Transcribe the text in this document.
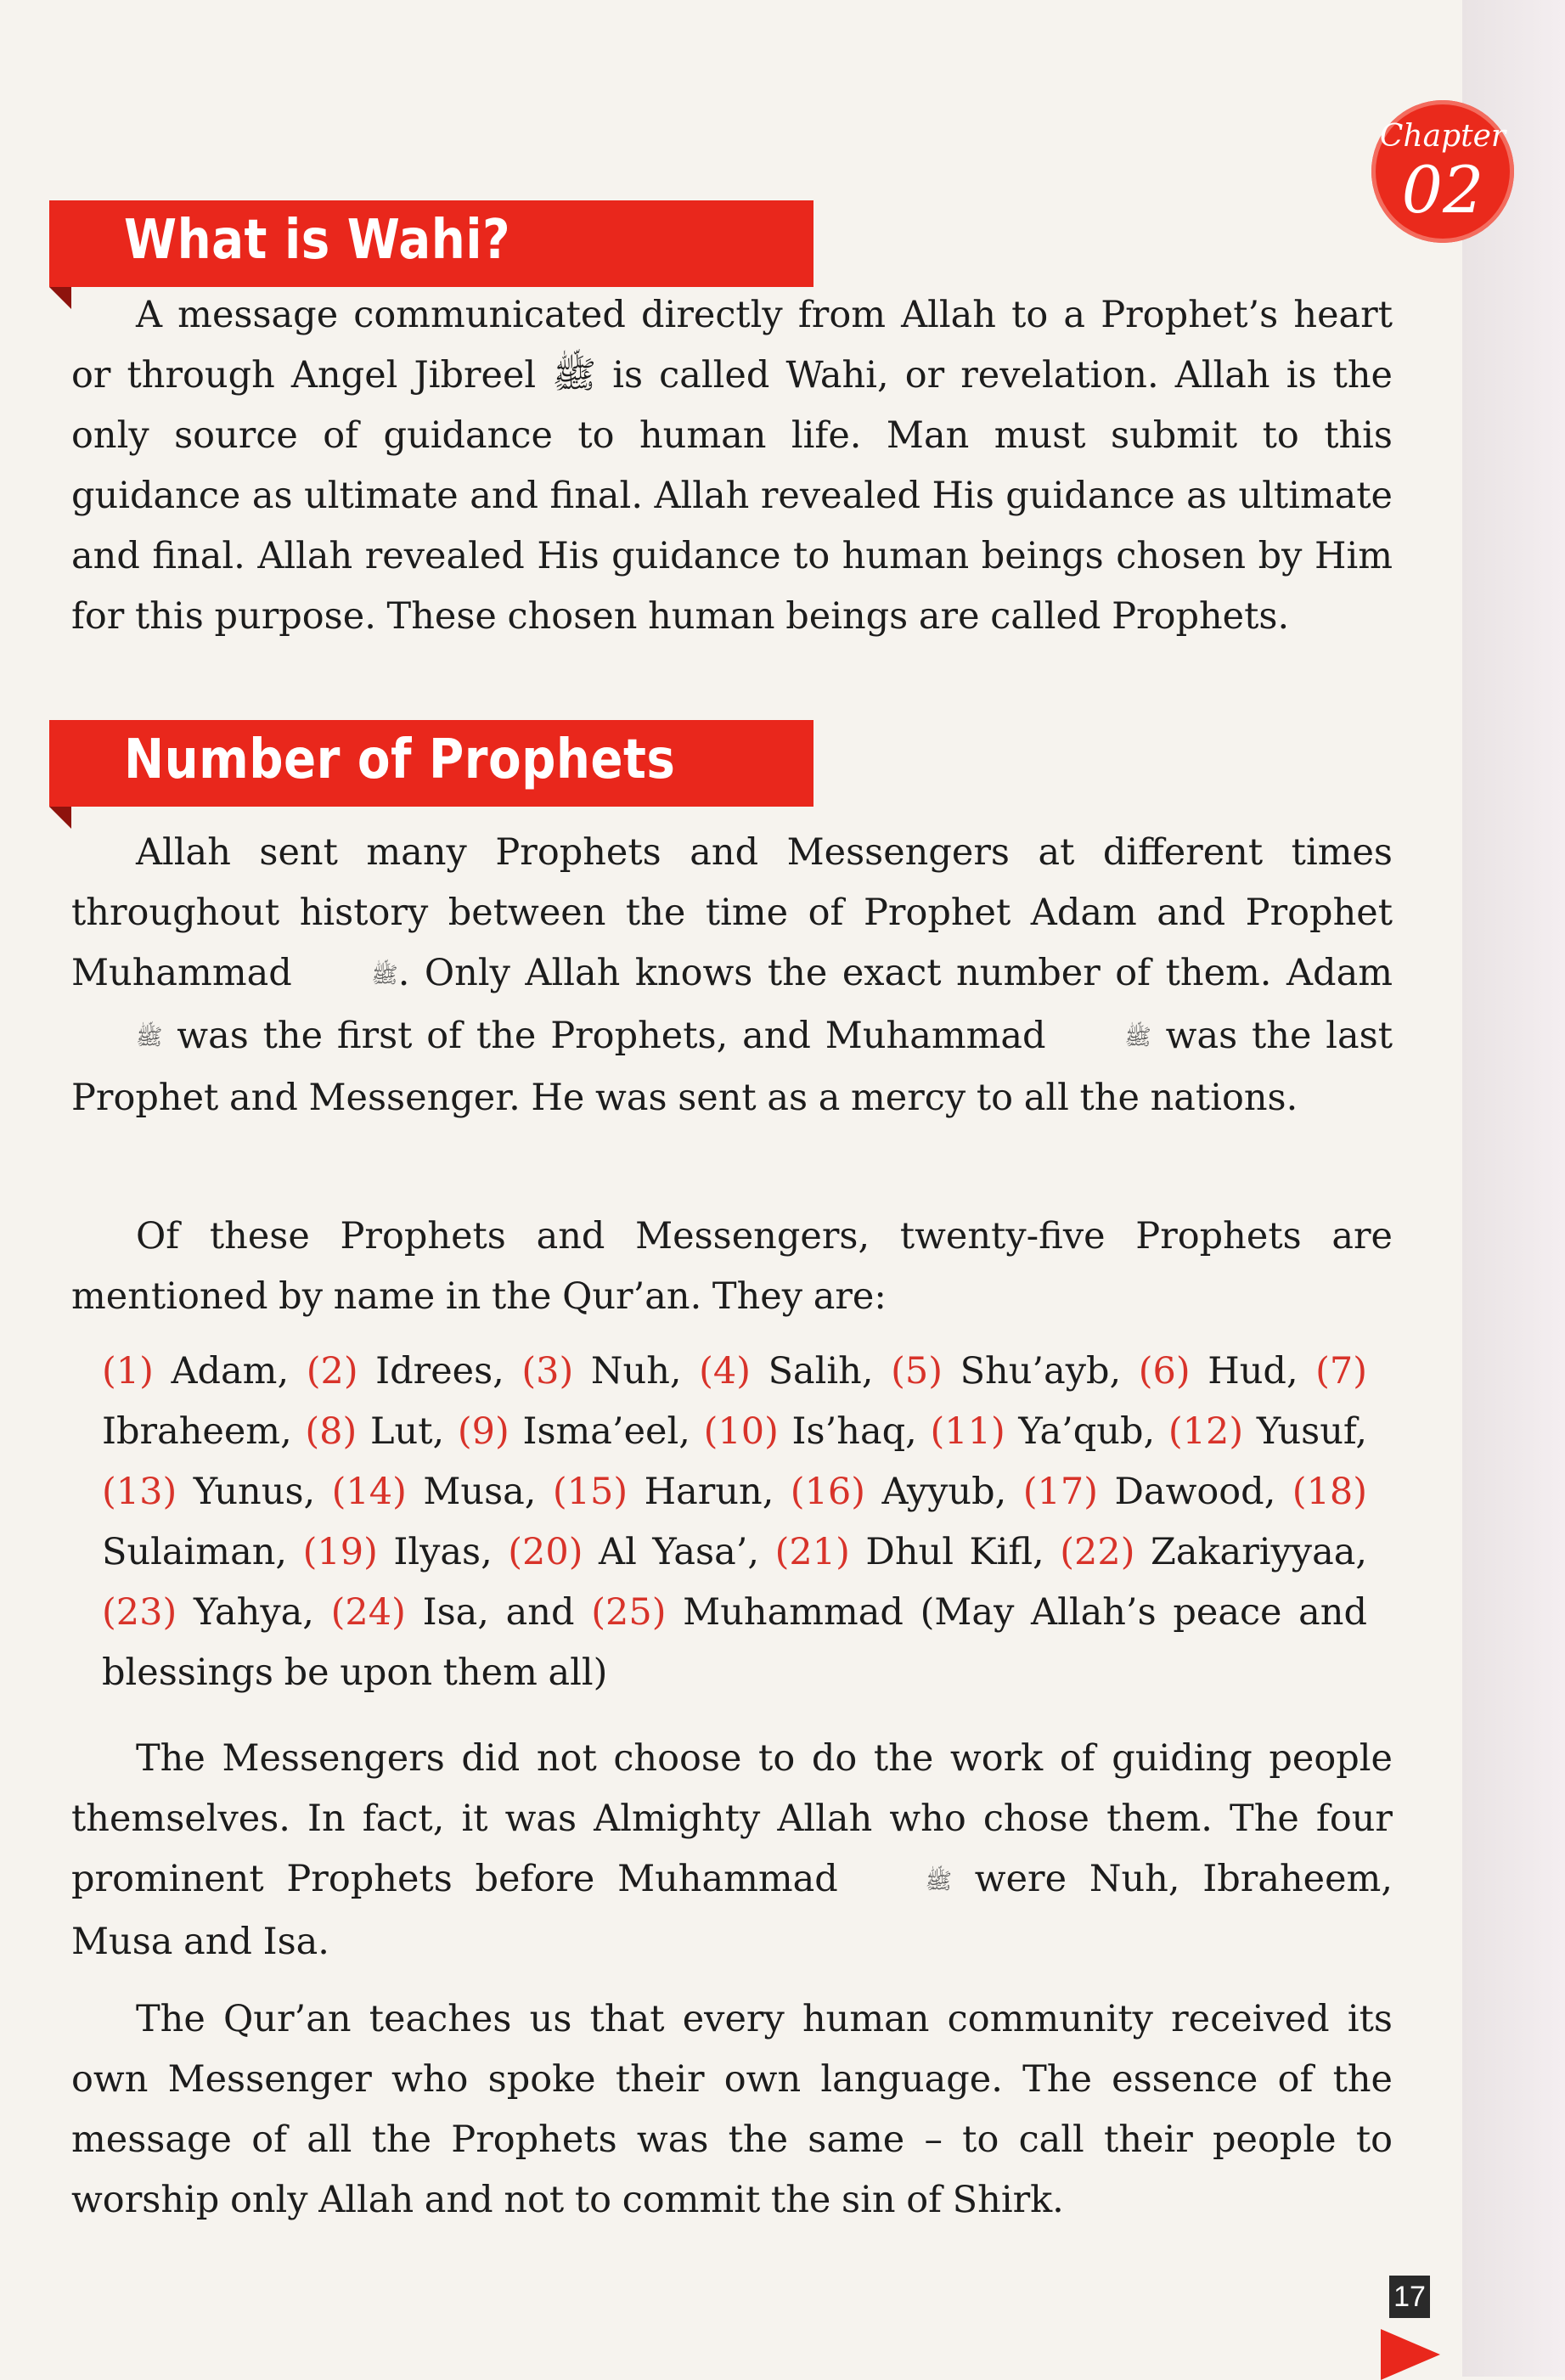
Chapter
02
What is Wahi?

A message communicated directly from Allah to a Prophet’s heart or through Angel Jibreel ﷺ is called Wahi, or revelation. Allah is the only source of guidance to human life. Man must submit to this guidance as ultimate and final. Allah revealed His guidance as ultimate and final. Allah revealed His guidance to human beings chosen by Him for this purpose. These chosen human beings are called Prophets.

Number of Prophets

Allah sent many Prophets and Messengers at different times throughout history between the time of Prophet Adam and Prophet Muhammad	ﷺ. Only Allah knows the exact number of them. Adam ﷺ was the first of the Prophets, and Muhammad	ﷺ was the last Prophet and Messenger. He was sent as a mercy to all the nations.

Of these Prophets and Messengers, twenty-five Prophets are mentioned by name in the Qur’an. They are:

(1) Adam, (2) Idrees, (3) Nuh, (4) Salih, (5) Shu’ayb, (6) Hud, (7) Ibraheem, (8) Lut, (9) Isma’eel, (10) Is’haq, (11) Ya’qub, (12) Yusuf, (13) Yunus, (14) Musa, (15) Harun, (16) Ayyub, (17) Dawood, (18) Sulaiman, (19) Ilyas, (20) Al Yasa’, (21) Dhul Kifl, (22) Zakariyyaa, (23) Yahya, (24) Isa, and (25) Muhammad (May Allah’s peace and blessings be upon them all)

The Messengers did not choose to do the work of guiding people themselves. In fact, it was Almighty Allah who chose them. The four prominent Prophets before Muhammad	ﷺ were Nuh, Ibraheem, Musa and Isa.

The Qur’an teaches us that every human community received its own Messenger who spoke their own language. The essence of the message of all the Prophets was the same – to call their people to worship only Allah and not to commit the sin of Shirk.

17
